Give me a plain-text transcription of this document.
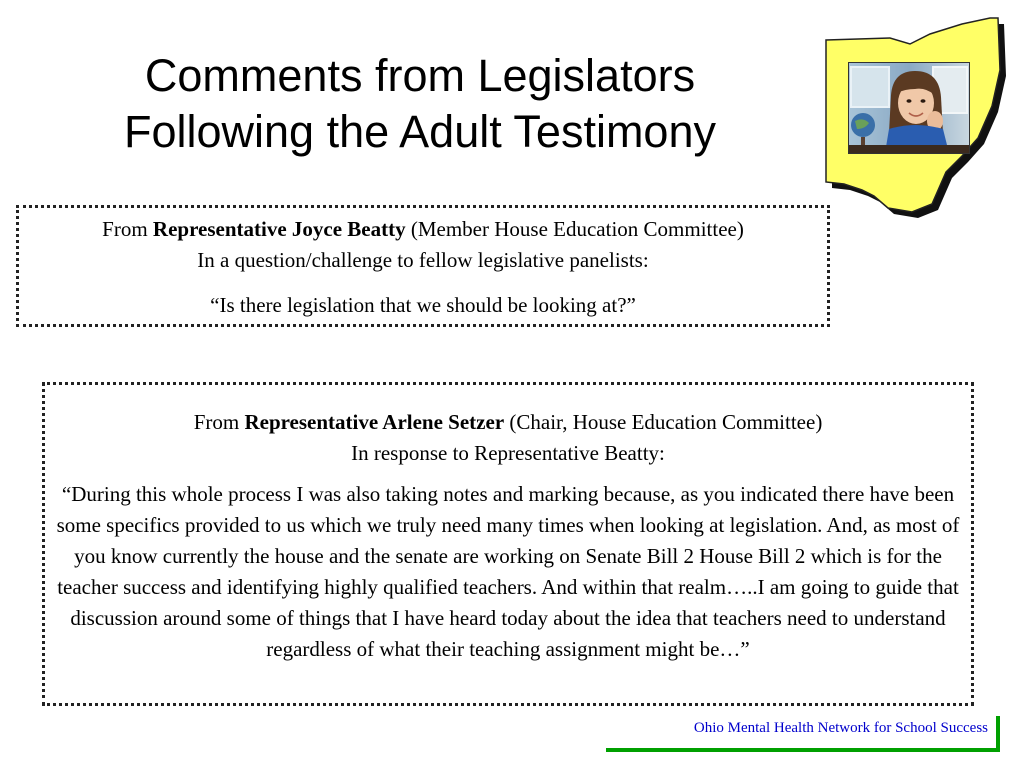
Comments from Legislators
Following the Adult Testimony
From Representative Joyce Beatty (Member House Education Committee)
In a question/challenge to fellow legislative panelists:
“Is there legislation that we should be looking at?”
From Representative Arlene Setzer (Chair, House Education Committee)
In response to Representative Beatty:
“During this whole process I was also taking notes and marking because, as you indicated there have been some specifics provided to us which we truly need many times when looking at legislation. And, as most of you know currently the house and the senate are working on Senate Bill 2 House Bill 2 which is for the teacher success and identifying highly qualified teachers. And within that realm…..I am going to guide that discussion around some of things that I have heard today about the idea that teachers need to understand regardless of what their teaching assignment might be…”
Ohio Mental Health Network for School Success
